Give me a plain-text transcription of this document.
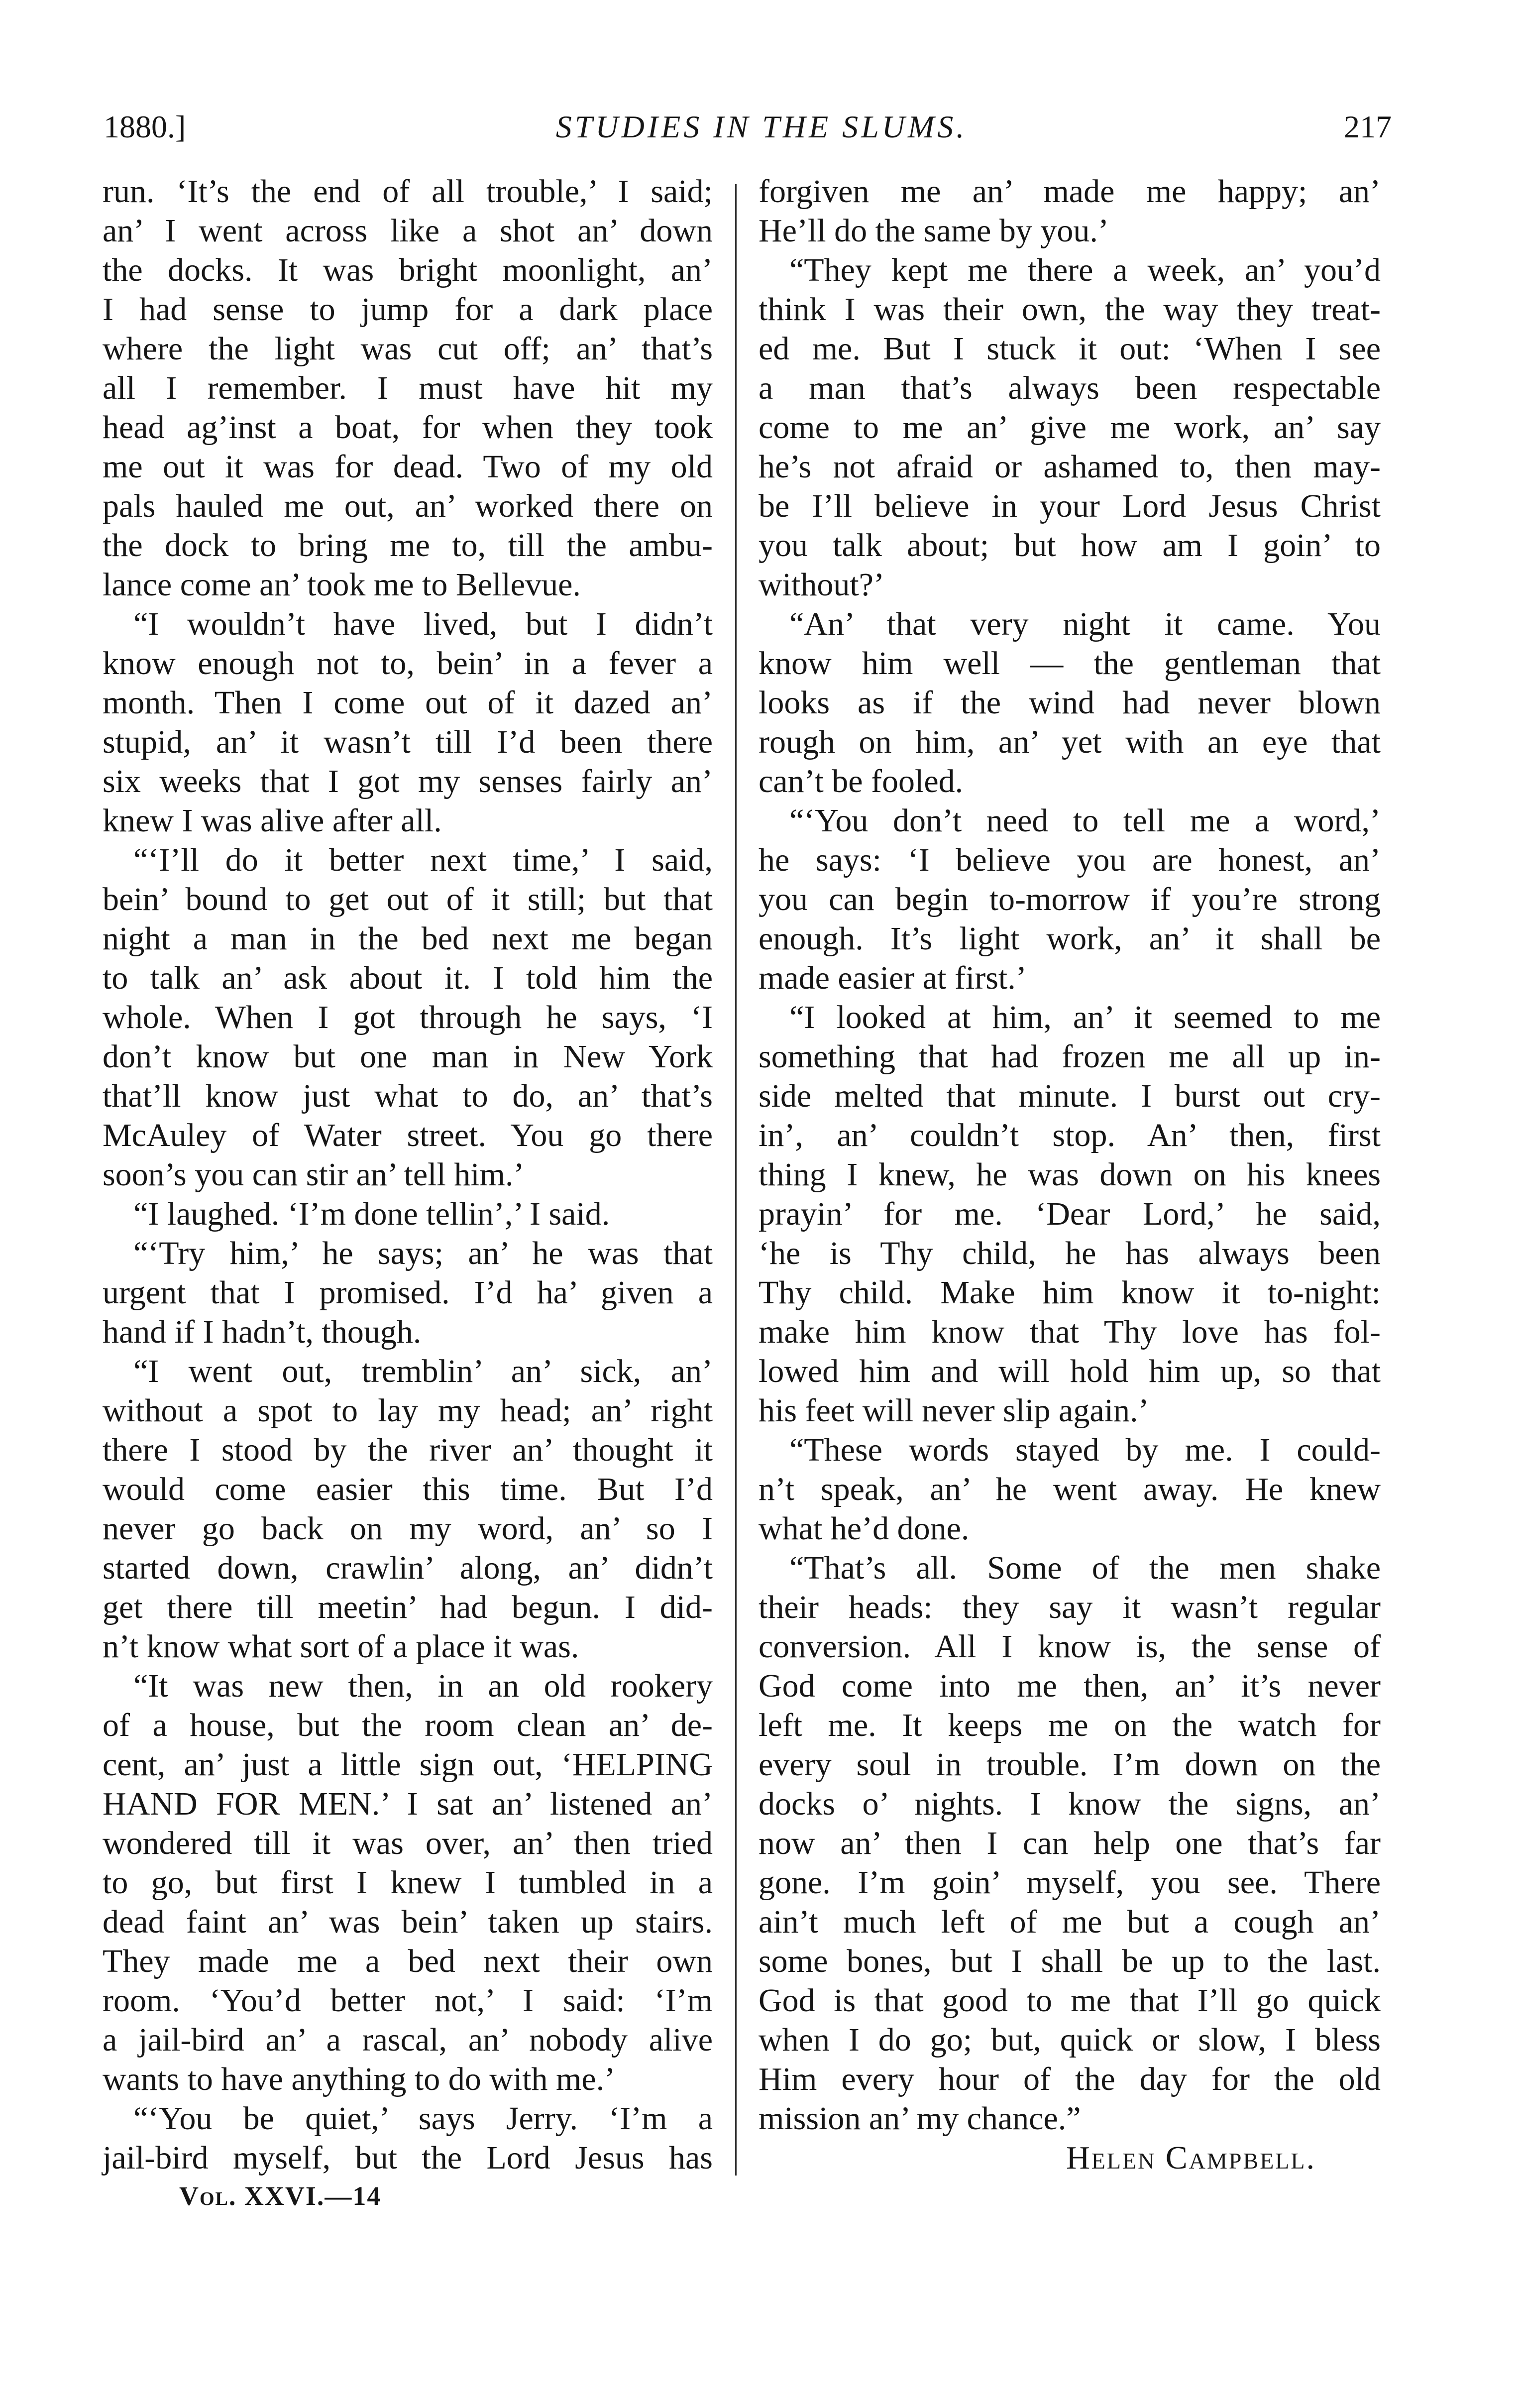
1880.]	STUDIES IN THE SLUMS.	217
run. ‘It’s the end of all trouble,’ I said;
an’ I went across like a shot an’ down
the docks. It was bright moonlight, an’
I had sense to jump for a dark place
where the light was cut off; an’ that’s
all I remember. I must have hit my
head ag’inst a boat, for when they took
me out it was for dead. Two of my old
pals hauled me out, an’ worked there on
the dock to bring me to, till the ambu-
lance come an’ took me to Bellevue.
“I wouldn’t have lived, but I didn’t
know enough not to, bein’ in a fever a
month. Then I come out of it dazed an’
stupid, an’ it wasn’t till I’d been there
six weeks that I got my senses fairly an’
knew I was alive after all.
“‘I’ll do it better next time,’ I said,
bein’ bound to get out of it still; but that
night a man in the bed next me began
to talk an’ ask about it. I told him the
whole. When I got through he says, ‘I
don’t know but one man in New York
that’ll know just what to do, an’ that’s
McAuley of Water street. You go there
soon’s you can stir an’ tell him.’
“I laughed. ‘I’m done tellin’,’ I said.
“‘Try him,’ he says; an’ he was that
urgent that I promised. I’d ha’ given a
hand if I hadn’t, though.
“I went out, tremblin’ an’ sick, an’
without a spot to lay my head; an’ right
there I stood by the river an’ thought it
would come easier this time. But I’d
never go back on my word, an’ so I
started down, crawlin’ along, an’ didn’t
get there till meetin’ had begun. I did-
n’t know what sort of a place it was.
“It was new then, in an old rookery
of a house, but the room clean an’ de-
cent, an’ just a little sign out, ‘HELPING
HAND FOR MEN.’ I sat an’ listened an’
wondered till it was over, an’ then tried
to go, but first I knew I tumbled in a
dead faint an’ was bein’ taken up stairs.
They made me a bed next their own
room. ‘You’d better not,’ I said: ‘I’m
a jail-bird an’ a rascal, an’ nobody alive
wants to have anything to do with me.’
“‘You be quiet,’ says Jerry. ‘I’m a
jail-bird myself, but the Lord Jesus has
forgiven me an’ made me happy; an’
He’ll do the same by you.’
“They kept me there a week, an’ you’d
think I was their own, the way they treat-
ed me. But I stuck it out: ‘When I see
a man that’s always been respectable
come to me an’ give me work, an’ say
he’s not afraid or ashamed to, then may-
be I’ll believe in your Lord Jesus Christ
you talk about; but how am I goin’ to
without?’
“An’ that very night it came. You
know him well — the gentleman that
looks as if the wind had never blown
rough on him, an’ yet with an eye that
can’t be fooled.
“‘You don’t need to tell me a word,’
he says: ‘I believe you are honest, an’
you can begin to-morrow if you’re strong
enough. It’s light work, an’ it shall be
made easier at first.’
“I looked at him, an’ it seemed to me
something that had frozen me all up in-
side melted that minute. I burst out cry-
in’, an’ couldn’t stop. An’ then, first
thing I knew, he was down on his knees
prayin’ for me. ‘Dear Lord,’ he said,
‘he is Thy child, he has always been
Thy child. Make him know it to-night:
make him know that Thy love has fol-
lowed him and will hold him up, so that
his feet will never slip again.’
“These words stayed by me. I could-
n’t speak, an’ he went away. He knew
what he’d done.
“That’s all. Some of the men shake
their heads: they say it wasn’t regular
conversion. All I know is, the sense of
God come into me then, an’ it’s never
left me. It keeps me on the watch for
every soul in trouble. I’m down on the
docks o’ nights. I know the signs, an’
now an’ then I can help one that’s far
gone. I’m goin’ myself, you see. There
ain’t much left of me but a cough an’
some bones, but I shall be up to the last.
God is that good to me that I’ll go quick
when I do go; but, quick or slow, I bless
Him every hour of the day for the old
mission an’ my chance.”
Helen Campbell.
Vol. XXVI.—14
